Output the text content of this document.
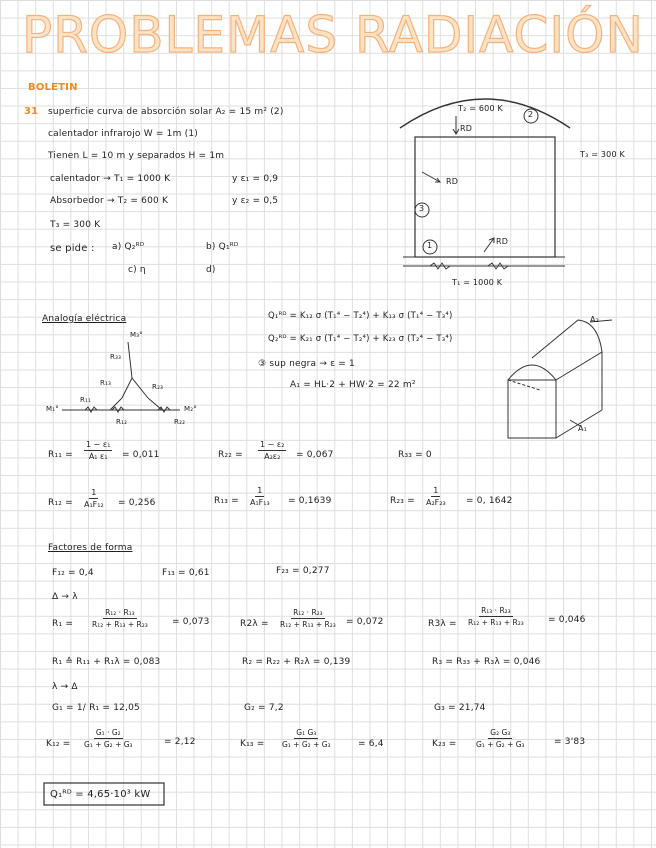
PROBLEMAS RADIACIÓN
BOLETIN
31 superficie curva de absorción solar A₂ = 15 m² (2)
calentador infrarojo W = 1m (1)
Tienen L = 10 m y separados H = 1m
calentador → T₁ = 1000 K	y ε₁ = 0,9
Absorbedor → T₂ = 600 K	y ε₂ = 0,5
T₃ = 300 K
se pide : a) Q₂ᴿᴰ	b) Q₁ᴿᴰ
c) η	d)
T₂ = 600 K
RD
RD
RD
T₃ = 300 K
T₁ = 1000 K
2
3
1
Analogía eléctrica	Q₁ᴿᴰ = K₁₂ σ (T₁⁴ − T₂⁴) + K₁₃ σ (T₁⁴ − T₃⁴)
Q₂ᴿᴰ = K₂₁ σ (T₁⁴ − T₂⁴) + K₂₃ σ (T₂⁴ − T₃⁴)
③ sup negra → ε = 1
A₁ = HL·2 + HW·2 = 22 m²
M₃°
R₃₃
R₁₃	R₂₃
M₁°
R₁₁
R₁₂	R₂₂
M₂°
A₂
A₁
$R_{11} = \frac{\text{1 − ε₁}}{\text{A₁ ε₁}} = 0,011$	$R_{22} = \frac{\text{1 − ε₂}}{\text{A₂ε₂}} = 0,067$	R₃₃ = 0
$R_{12} = \frac{1}{\text{A₁F₁₂}} = 0,256$	$R_{13} = \frac{1}{\text{A₁F₁₃}} = 0,1639$	$R_{23} = \frac{1}{\text{A₂F₂₃}} = 0$, 1642
Factores de forma
F₁₂ = 0,4	F₁₃ = 0,61	F₂₃ = 0,277
Δ → λ
R₁ =	$\frac{\text{R₁₂ · R₁₃}}{\text{R₁₂ + R₁₃ + R₂₃}}$	= 0,073	$R2\lambda = \frac{\text{R₁₂ · R₂₃}}{\text{R₁₂ + R₁₃ + R₂₃}} = 0,072$	$R3\lambda = \frac{\text{R₁₃ · R₂₃}}{\text{R₁₂ + R₁₃ + R₂₃}}$	= 0,046
R₁ ≙ R₁₁ + R₁λ = 0,083	R₂ = R₂₂ + R₂λ = 0,139	R₃ = R₃₃ + R₃λ = 0,046
λ → Δ
G₁ = 1/ R₁ = 12,05	G₂ = 7,2	G₃ = 21,74
$K_{12} = \frac{\text{G₁ · G₂}}{\text{G₁ + G₂ + G₃}}$	= 2,12	$K_{13} = \frac{\text{G₁ G₃}}{\text{G₁ + G₂ + G₃}}$	= 6,4	K₂₃ =	$\frac{\text{G₂ G₃}}{\text{G₁ + G₂ + G₃}}$	= 3'83
Q₁ᴿᴰ = 4,65·10³ kW
